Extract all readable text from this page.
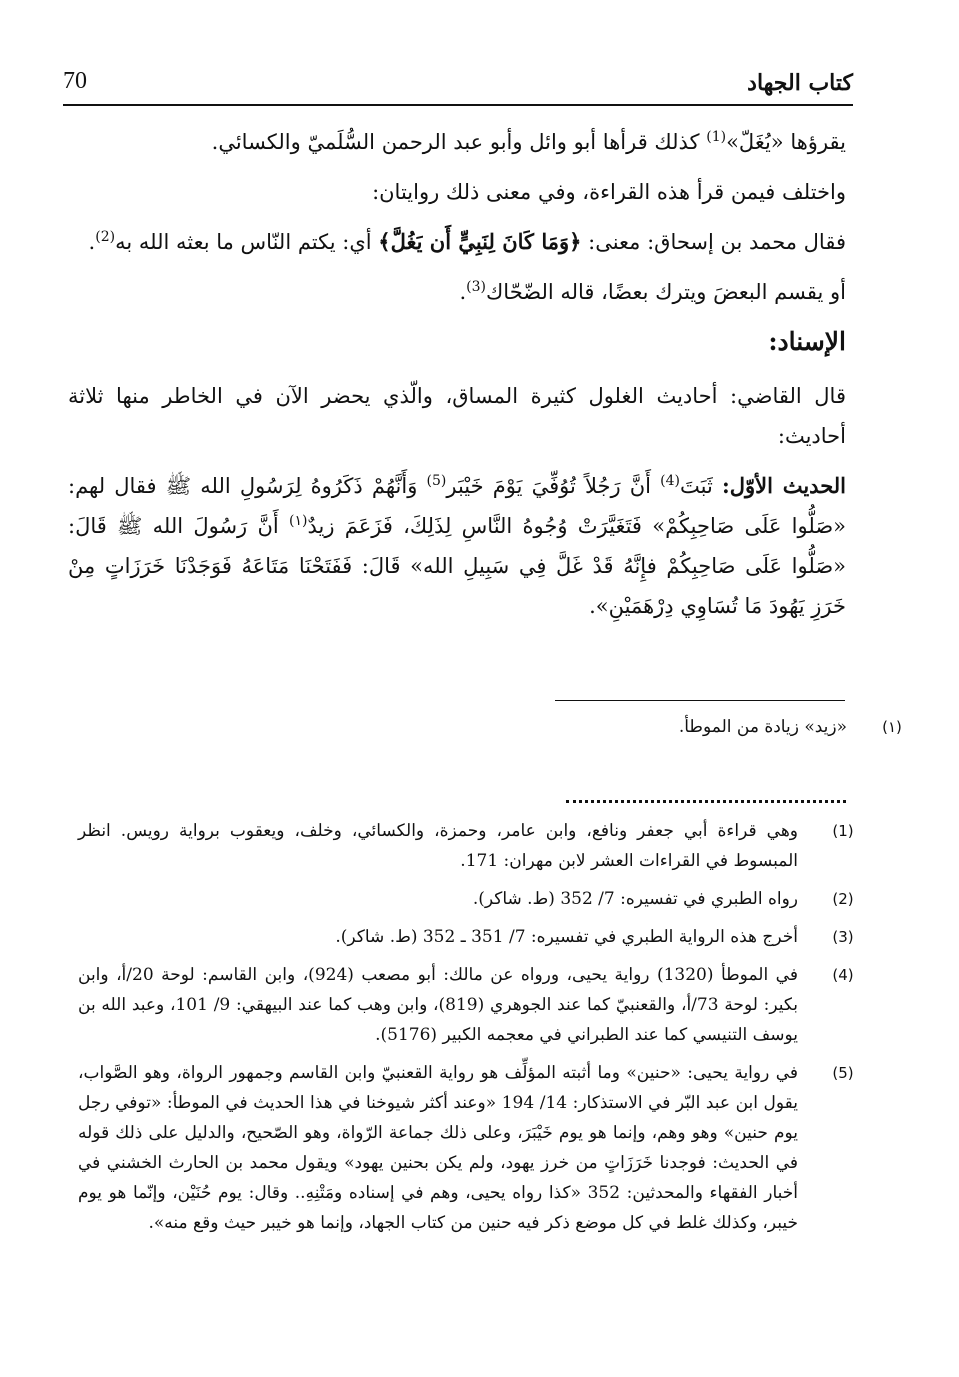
كتاب الجهاد
70

يقرؤها «يُغَلّ»$^{(1)}$ كذلك قرأها أبو وائل وأبو عبد الرحمن السُّلَميّ والكسائي.

واختلف فيمن قرأ هذه القراءة، وفي معنى ذلك روايتان:

فقال محمد بن إسحاق: معنى: ﴿وَمَا كَانَ لِنَبِيٍّ أَن يَغُلَّ﴾ أي: يكتم النّاس ما بعثه الله به$^{(2)}$.

أو يقسم البعضَ ويترك بعضًا، قاله الضّحّاك$^{(3)}$.

الإسناد:

قال القاضي: أحاديث الغلول كثيرة المساق، والّذي يحضر الآن في الخاطر منها ثلاثة أحاديث:

الحديث الأوّل: ثَبَتَ$^{(4)}$ أَنَّ رَجُلاً تُوُفِّيَ يَوْمَ خَيْبَر$^{(5)}$ وَأَنَّهُمْ ذَكَرُوهُ لِرَسُولِ الله ﷺ فقال لهم: «صَلُّوا عَلَى صَاحِبِكُمْ» فَتَغَيَّرَتْ وُجُوهُ النَّاسِ لِذَلِكَ، فَزَعَمَ زيدٌ$^{(١)}$ أَنَّ رَسُولَ الله ﷺ قَالَ: «صَلُّوا عَلَى صَاحِبِكُمْ فإِنَّهُ قَدْ غَلَّ فِي سَبِيلِ الله» قَالَ: فَفَتَحْنَا مَتَاعَهُ فَوَجَدْنَا خَرَزَاتٍ مِنْ خَرَزِ يَهُودَ مَا تُسَاوِي دِرْهَمَيْنِ».

(١)
«زيد» زيادة من الموطأ.
(1)
وهي قراءة أبي جعفر ونافع، وابن عامر، وحمزة، والكسائي، وخلف، ويعقوب برواية رويس. انظر المبسوط في القراءات العشر لابن مهران: 171.
(2)
رواه الطبري في تفسيره: 7/ 352 (ط. شاكر).
(3)
أخرج هذه الرواية الطبري في تفسيره: 7/ 351 ـ 352 (ط. شاكر).
(4)
في الموطأ (1320) رواية يحيى، ورواه عن مالك: أبو مصعب (924)، وابن القاسم: لوحة 20/أ، وابن بكير: لوحة 73/أ، والقعنبيّ كما عند الجوهري (819)، وابن وهب كما عند البيهقي: 9/ 101، وعبد الله بن يوسف التنيسي كما عند الطبراني في معجمه الكبير (5176).
(5)
في رواية يحيى: «حنين» وما أثبته المؤلِّف هو رواية القعنبيّ وابن القاسم وجمهور الرواة، وهو الصَّواب، يقول ابن عبد البّر في الاستذكار: 14/ 194 «وعند أكثر شيوخنا في هذا الحديث في الموطأ: «توفي رجل يوم حنين» وهو وهم، وإنما هو يوم خَيْبَرَ، وعلى ذلك جماعة الرّواة، وهو الصّحيح، والدليل على ذلك قوله في الحديث: فوجدنا خَرَزَاتٍ من خرز يهود، ولم يكن بحنين يهود» ويقول محمد بن الحارث الخشني في أخبار الفقهاء والمحدثين: 352 «كذا رواه يحيى، وهم في إسناده ومَتْنِهِ.. وقال: يوم حُنَيْن، وإنّما هو يوم خيبر، وكذلك غلط في كل موضع ذكر فيه حنين من كتاب الجهاد، وإنما هو خيبر حيث وقع منه».
